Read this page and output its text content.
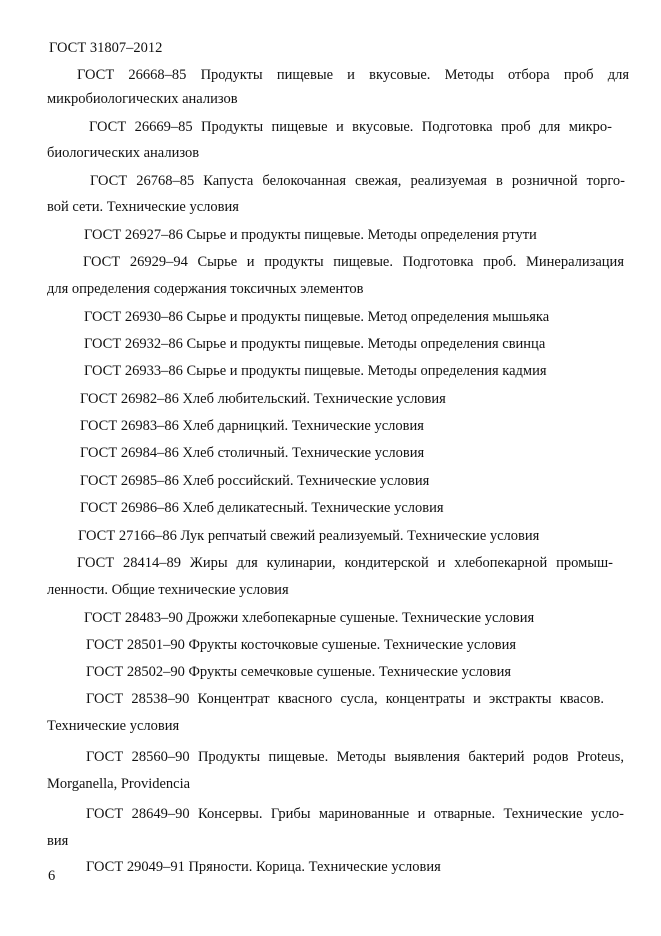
ГОСТ 31807–2012
ГОСТ 26668–85 Продукты пищевые и вкусовые. Методы отбора проб для
микробиологических анализов
ГОСТ 26669–85 Продукты пищевые и вкусовые. Подготовка проб для микро-
биологических анализов
ГОСТ 26768–85 Капуста белокочанная свежая, реализуемая в розничной торго-
вой сети. Технические условия
ГОСТ 26927–86 Сырье и продукты пищевые. Методы определения ртути
ГОСТ 26929–94 Сырье и продукты пищевые. Подготовка проб. Минерализация
для определения содержания токсичных элементов
ГОСТ 26930–86 Сырье и продукты пищевые. Метод определения мышьяка
ГОСТ 26932–86 Сырье и продукты пищевые. Методы определения свинца
ГОСТ 26933–86 Сырье и продукты пищевые. Методы определения кадмия
ГОСТ 26982–86 Хлеб любительский. Технические условия
ГОСТ 26983–86 Хлеб дарницкий. Технические условия
ГОСТ 26984–86 Хлеб столичный. Технические условия
ГОСТ 26985–86 Хлеб российский. Технические условия
ГОСТ 26986–86 Хлеб деликатесный. Технические условия
ГОСТ 27166–86 Лук репчатый свежий реализуемый. Технические условия
ГОСТ 28414–89 Жиры для кулинарии, кондитерской и хлебопекарной промыш-
ленности. Общие технические условия
ГОСТ 28483–90 Дрожжи хлебопекарные сушеные. Технические условия
ГОСТ 28501–90 Фрукты косточковые сушеные. Технические условия
ГОСТ 28502–90 Фрукты семечковые сушеные. Технические условия
ГОСТ 28538–90 Концентрат квасного сусла, концентраты и экстракты квасов.
Технические условия
ГОСТ 28560–90 Продукты пищевые. Методы выявления бактерий родов Proteus,
Morganella, Providencia
ГОСТ 28649–90 Консервы. Грибы маринованные и отварные. Технические усло-
вия
ГОСТ 29049–91 Пряности. Корица. Технические условия
6
